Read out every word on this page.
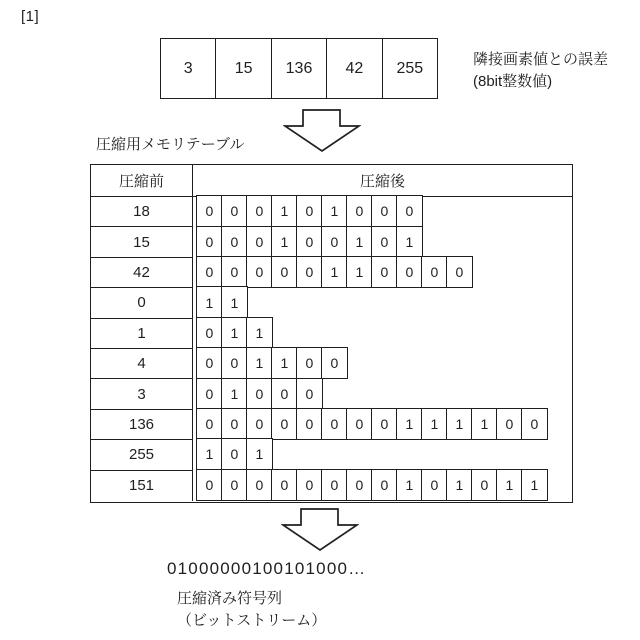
[1]
3	15	136	42	255	隣接画素値との誤差
(8bit整数値)
圧縮用メモリテーブル
圧縮前	圧縮後
18	0	0	0	1	0	1	0	0	0
15	0	0	0	1	0	0	1	0	1
42	0	0	0	0	0	1	1	0	0	0	0
0	1	1
1	0	1	1
4	0	0	1	1	0	0
3	0	1	0	0	0
136	0	0	0	0	0	0	0	0	1	1	1	1	0	0
255	1	0	1
151	0	0	0	0	0	0	0	0	1	0	1	0	1	1
01000000100101000…
圧縮済み符号列
（ビットストリーム）
